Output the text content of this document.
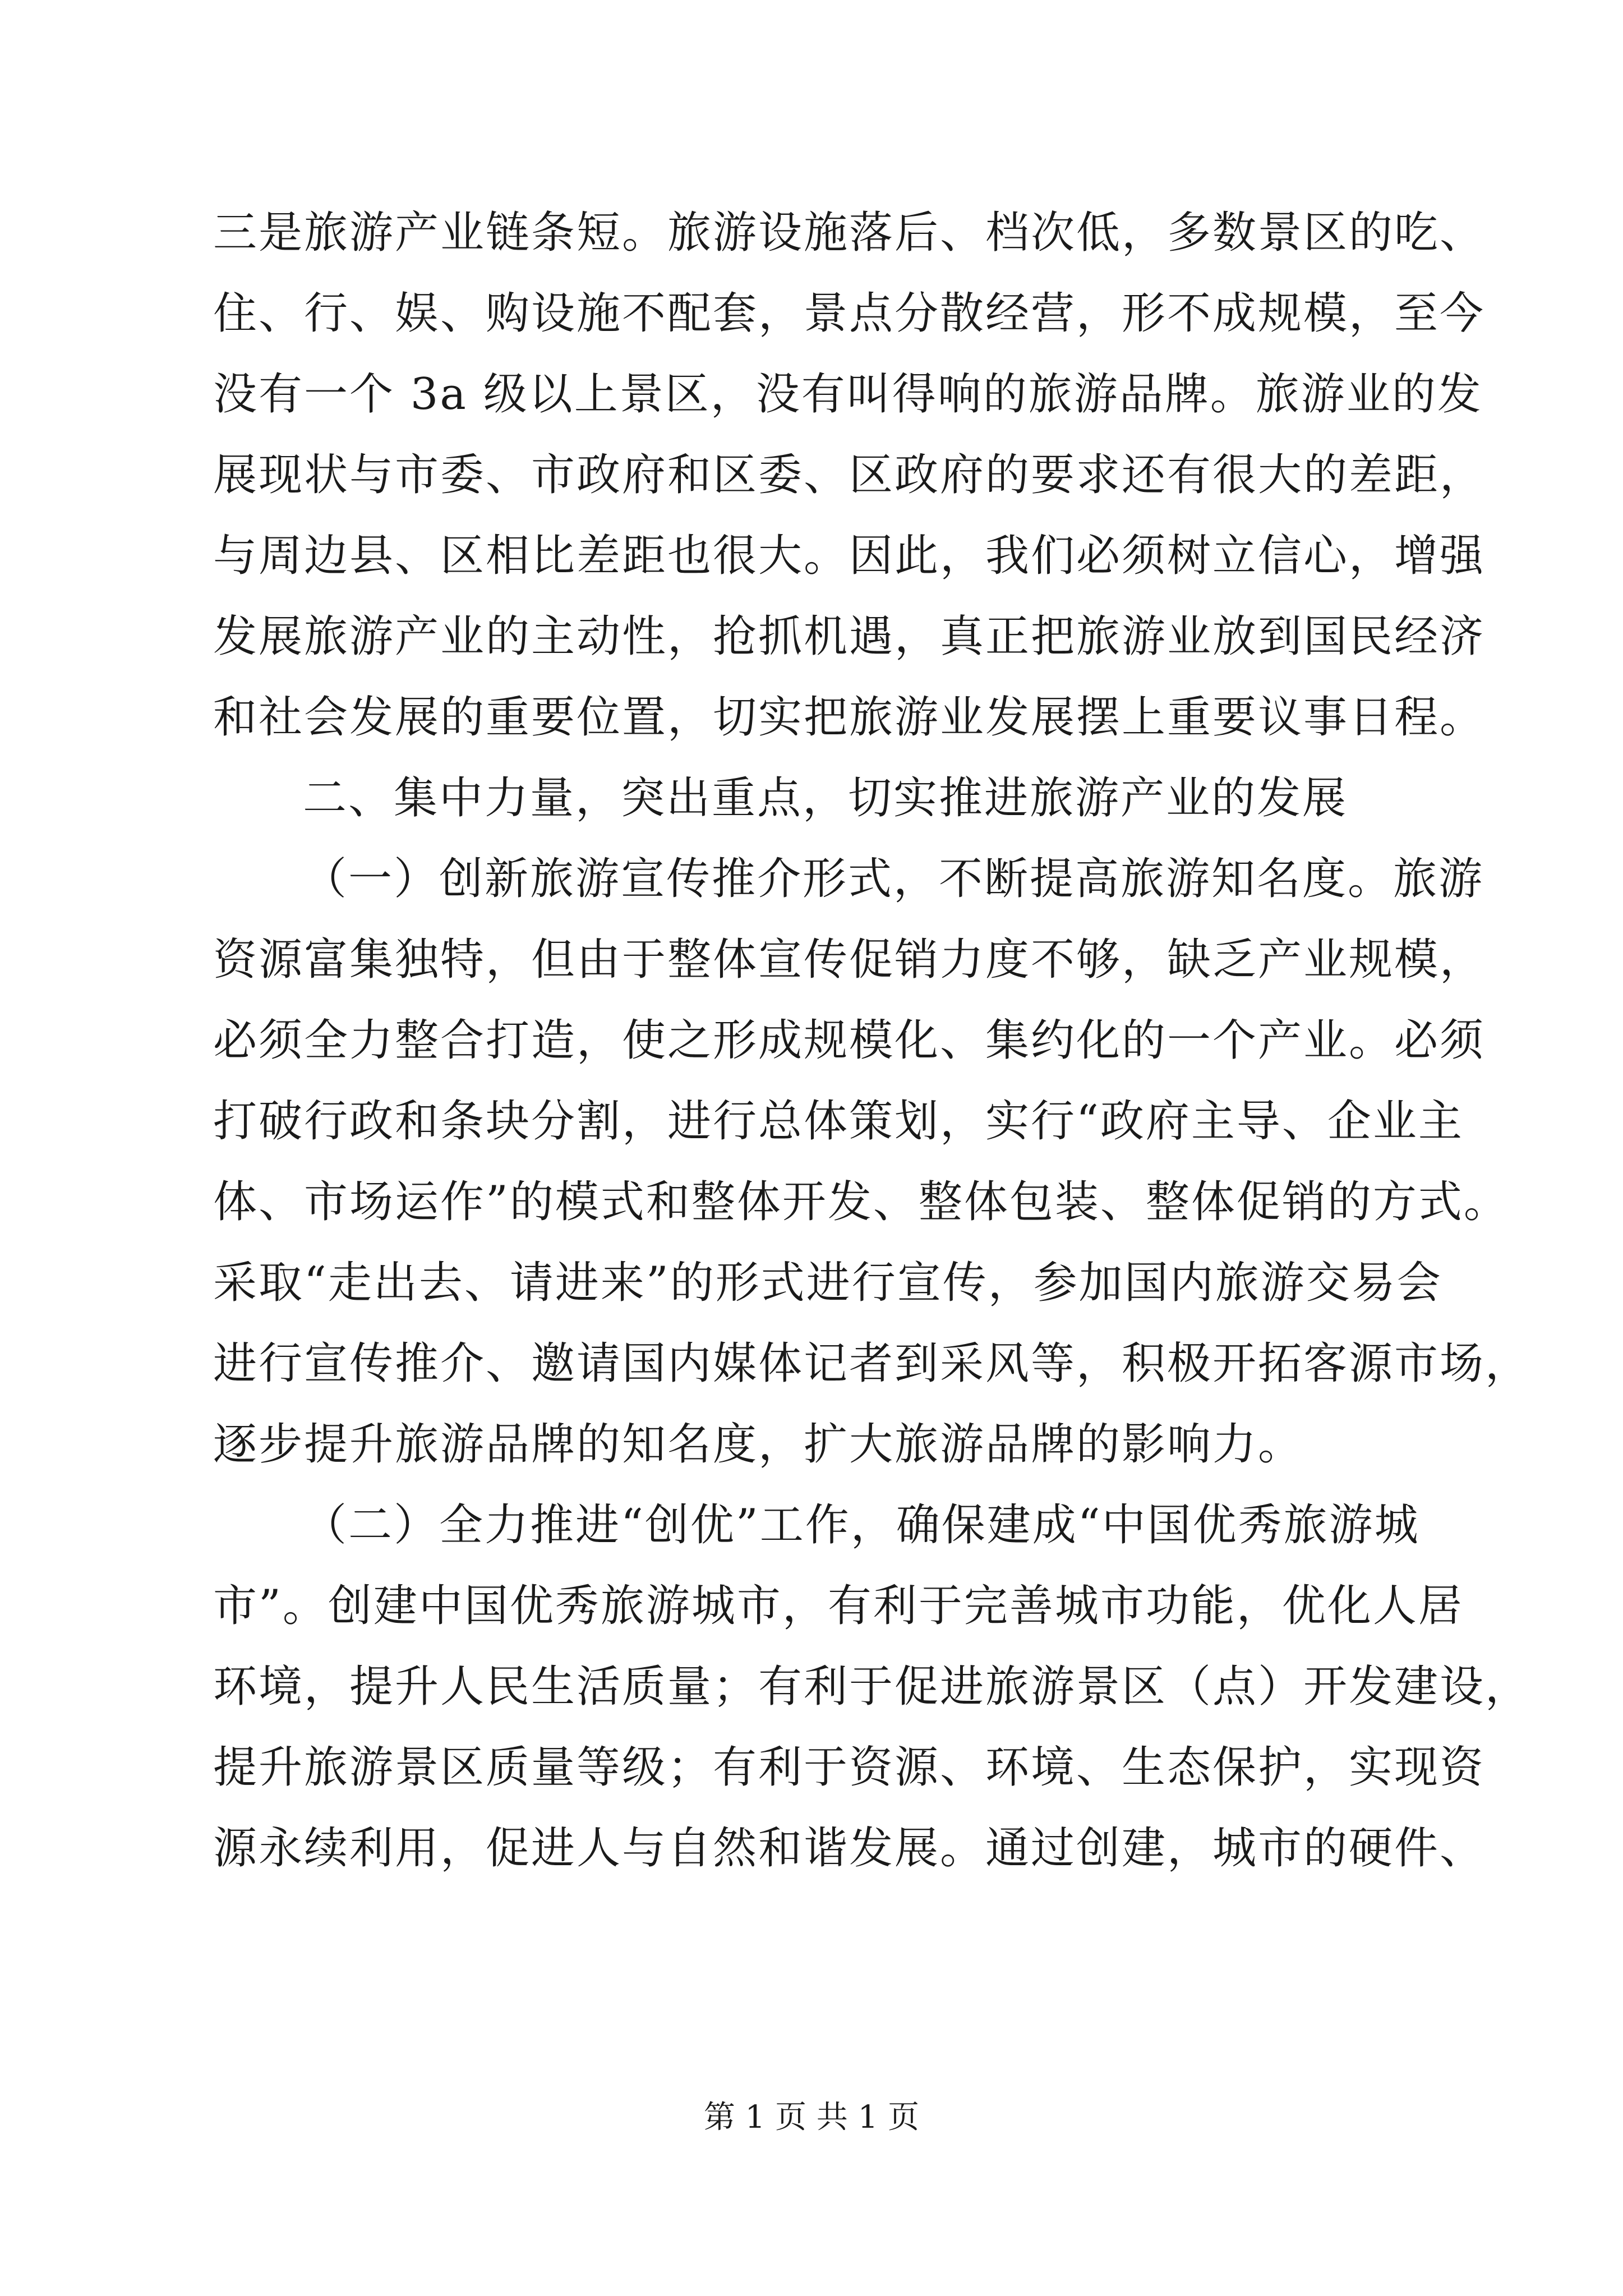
三是旅游产业链条短。旅游设施落后、档次低，多数景区的吃、
住、行、娱、购设施不配套，景点分散经营，形不成规模，至今
没有一个 3a 级以上景区，没有叫得响的旅游品牌。旅游业的发
展现状与市委、市政府和区委、区政府的要求还有很大的差距，
与周边县、区相比差距也很大。因此，我们必须树立信心，增强
发展旅游产业的主动性，抢抓机遇，真正把旅游业放到国民经济
和社会发展的重要位置，切实把旅游业发展摆上重要议事日程。
二、集中力量，突出重点，切实推进旅游产业的发展
（一）创新旅游宣传推介形式，不断提高旅游知名度。旅游
资源富集独特，但由于整体宣传促销力度不够，缺乏产业规模，
必须全力整合打造，使之形成规模化、集约化的一个产业。必须
打破行政和条块分割，进行总体策划，实行“政府主导、企业主
体、市场运作”的模式和整体开发、整体包装、整体促销的方式。
采取“走出去、请进来”的形式进行宣传，参加国内旅游交易会
进行宣传推介、邀请国内媒体记者到采风等，积极开拓客源市场，
逐步提升旅游品牌的知名度，扩大旅游品牌的影响力。
（二）全力推进“创优”工作，确保建成“中国优秀旅游城
市”。创建中国优秀旅游城市，有利于完善城市功能，优化人居
环境，提升人民生活质量；有利于促进旅游景区（点）开发建设，
提升旅游景区质量等级；有利于资源、环境、生态保护，实现资
源永续利用，促进人与自然和谐发展。通过创建，城市的硬件、
第 1 页 共 1 页
